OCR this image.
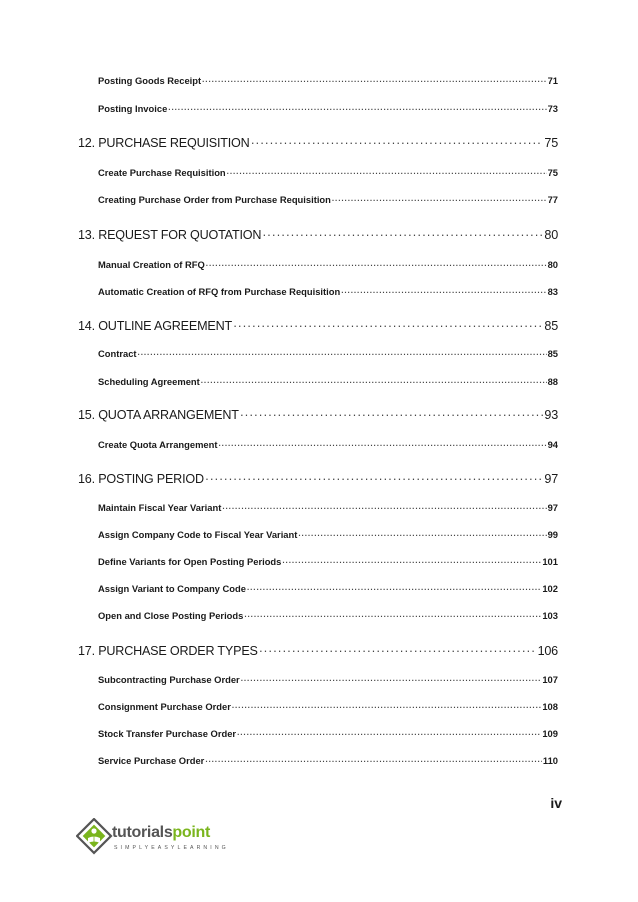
Posting Goods Receipt ·····	71
Posting Invoice ·····	73
12. PURCHASE REQUISITION ·····	75
Create Purchase Requisition ·····	75
Creating Purchase Order from Purchase Requisition ·····	77
13. REQUEST FOR QUOTATION ·····	80
Manual Creation of RFQ ·····	80
Automatic Creation of RFQ from Purchase Requisition ·····	83
14. OUTLINE AGREEMENT ·····	85
Contract ·····	85
Scheduling Agreement ·····	88
15. QUOTA ARRANGEMENT ·····	93
Create Quota Arrangement ·····	94
16. POSTING PERIOD ·····	97
Maintain Fiscal Year Variant ·····	97
Assign Company Code to Fiscal Year Variant ·····	99
Define Variants for Open Posting Periods ·····	101
Assign Variant to Company Code ·····	102
Open and Close Posting Periods ·····	103
17. PURCHASE ORDER TYPES ·····	106
Subcontracting Purchase Order ·····	107
Consignment Purchase Order ·····	108
Stock Transfer Purchase Order ·····	109
Service Purchase Order ·····	110
iv
tutorialspoint
SIMPLYEASYLEARNING
